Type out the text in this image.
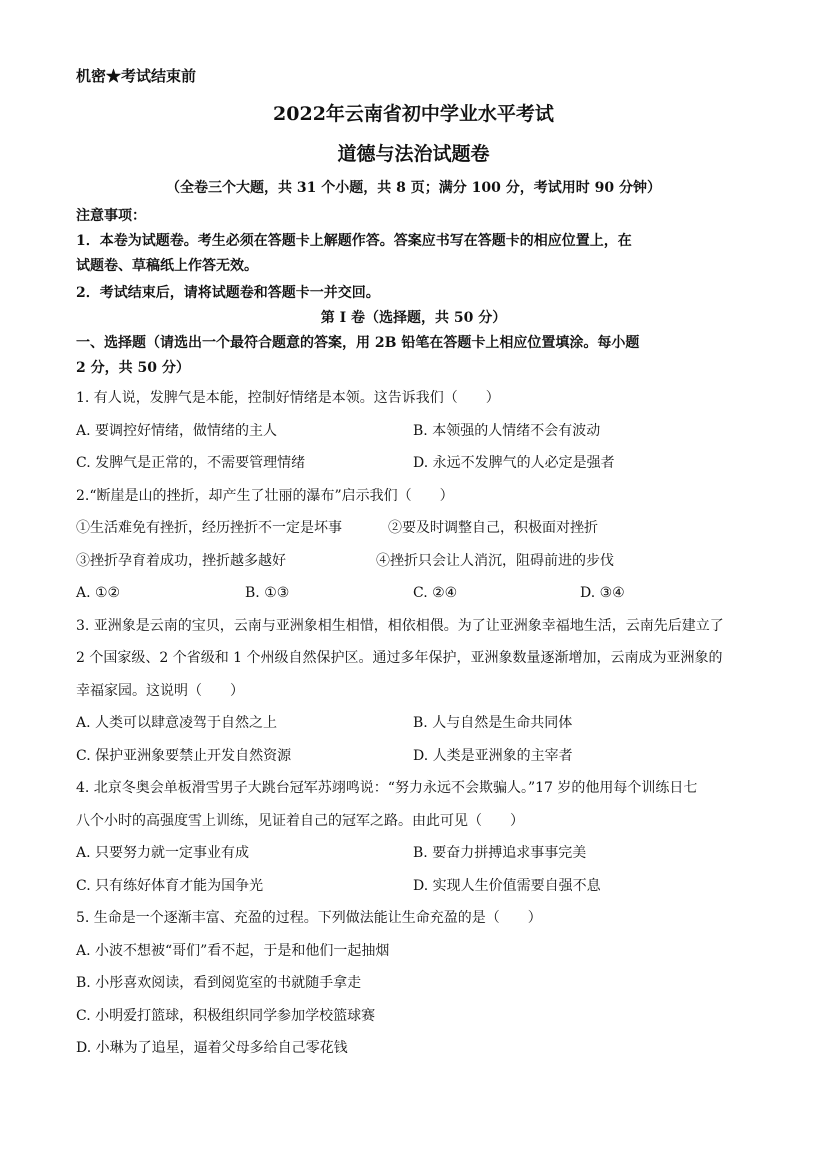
机密★考试结束前
2022年云南省初中学业水平考试
道德与法治试题卷
（全卷三个大题，共 31 个小题，共 8 页；满分 100 分，考试用时 90 分钟）
注意事项：
1．本卷为试题卷。考生必须在答题卡上解题作答。答案应书写在答题卡的相应位置上，在
试题卷、草稿纸上作答无效。
2．考试结束后，请将试题卷和答题卡一并交回。
第 I 卷（选择题，共 50 分）
一、选择题（请选出一个最符合题意的答案，用 2B 铅笔在答题卡上相应位置填涂。每小题
2 分，共 50 分）
1. 有人说，发脾气是本能，控制好情绪是本领。这告诉我们（　　）
A. 要调控好情绪，做情绪的主人	B. 本领强的人情绪不会有波动
C. 发脾气是正常的，不需要管理情绪	D. 永远不发脾气的人必定是强者
2.“断崖是山的挫折，却产生了壮丽的瀑布”启示我们（　　）
①生活难免有挫折，经历挫折不一定是坏事	②要及时调整自己，积极面对挫折
③挫折孕育着成功，挫折越多越好	④挫折只会让人消沉，阻碍前进的步伐
A. ①②	B. ①③	C. ②④	D. ③④
3. 亚洲象是云南的宝贝，云南与亚洲象相生相惜，相依相偎。为了让亚洲象幸福地生活，云南先后建立了
2 个国家级、2 个省级和 1 个州级自然保护区。通过多年保护，亚洲象数量逐渐增加，云南成为亚洲象的
幸福家园。这说明（　　）
A. 人类可以肆意凌驾于自然之上	B. 人与自然是生命共同体
C. 保护亚洲象要禁止开发自然资源	D. 人类是亚洲象的主宰者
4. 北京冬奥会单板滑雪男子大跳台冠军苏翊鸣说：“努力永远不会欺骗人。”17 岁的他用每个训练日七
八个小时的高强度雪上训练，见证着自己的冠军之路。由此可见（　　）
A. 只要努力就一定事业有成	B. 要奋力拼搏追求事事完美
C. 只有练好体育才能为国争光	D. 实现人生价值需要自强不息
5. 生命是一个逐渐丰富、充盈的过程。下列做法能让生命充盈的是（　　）
A. 小波不想被“哥们”看不起，于是和他们一起抽烟
B. 小彤喜欢阅读，看到阅览室的书就随手拿走
C. 小明爱打篮球，积极组织同学参加学校篮球赛
D. 小琳为了追星，逼着父母多给自己零花钱
